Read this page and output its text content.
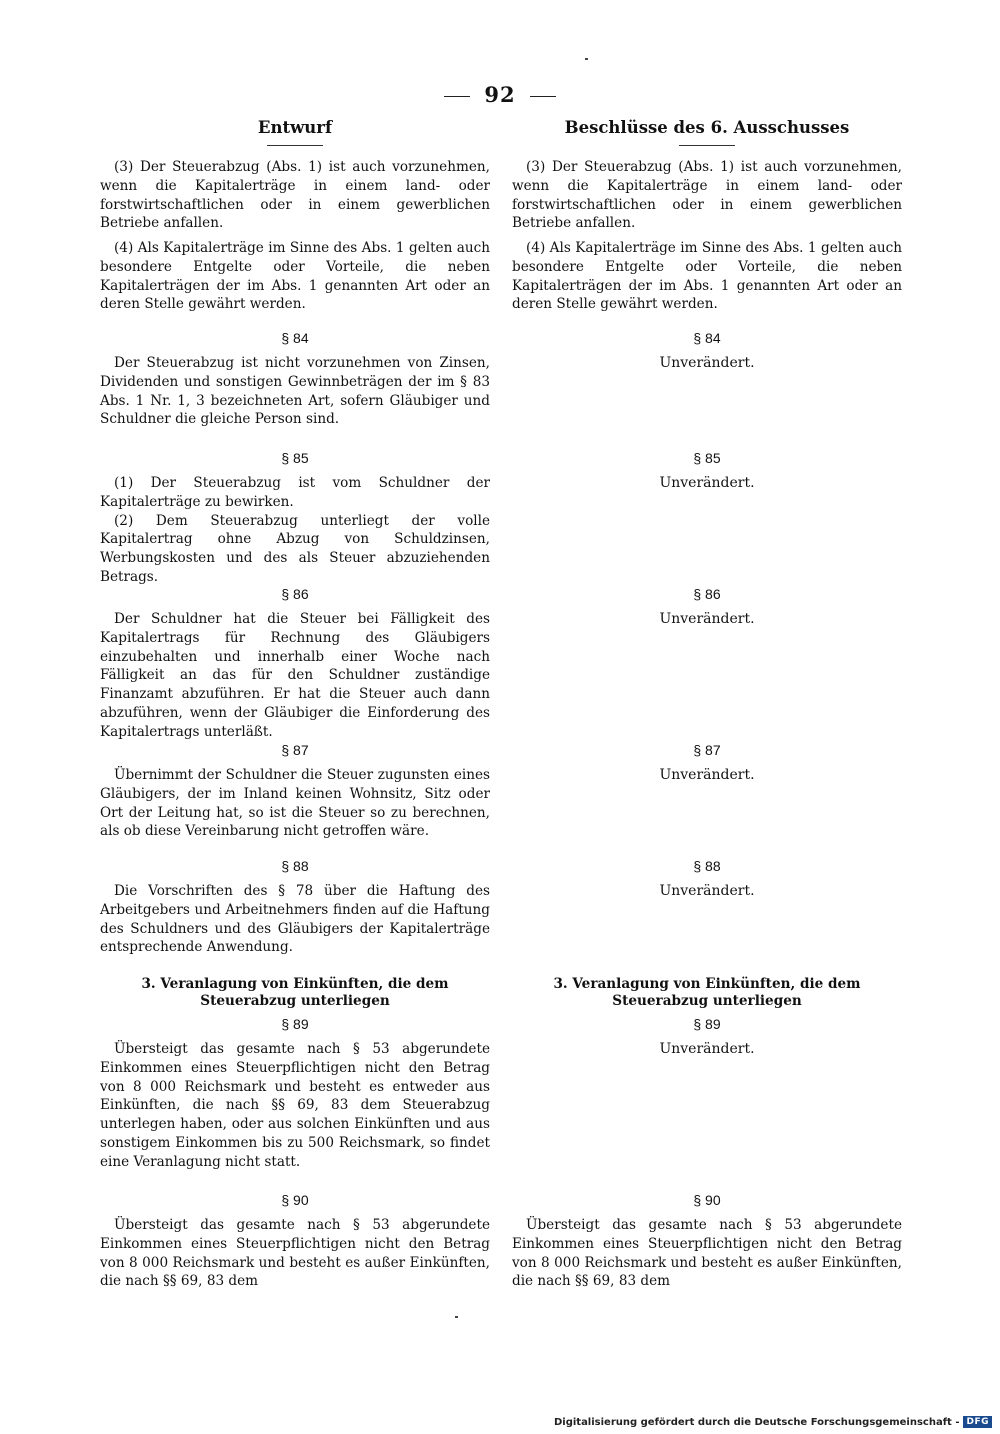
92
Entwurf

(3) Der Steuerabzug (Abs. 1) ist auch vorzunehmen, wenn die Kapitalerträge in einem land- oder forstwirtschaftlichen oder in einem gewerblichen Betriebe anfallen.

(4) Als Kapitalerträge im Sinne des Abs. 1 gelten auch besondere Entgelte oder Vorteile, die neben Kapitalerträgen der im Abs. 1 genannten Art oder an deren Stelle gewährt werden.

§ 84

Der Steuerabzug ist nicht vorzunehmen von Zinsen, Dividenden und sonstigen Gewinnbeträgen der im § 83 Abs. 1 Nr. 1, 3 bezeichneten Art, sofern Gläubiger und Schuldner die gleiche Person sind.

§ 85

(1) Der Steuerabzug ist vom Schuldner der Kapitalerträge zu bewirken.

(2) Dem Steuerabzug unterliegt der volle Kapitalertrag ohne Abzug von Schuldzinsen, Werbungskosten und des als Steuer abzuziehenden Betrags.

§ 86

Der Schuldner hat die Steuer bei Fälligkeit des Kapitalertrags für Rechnung des Gläubigers einzubehalten und innerhalb einer Woche nach Fälligkeit an das für den Schuldner zuständige Finanzamt abzuführen. Er hat die Steuer auch dann abzuführen, wenn der Gläubiger die Einforderung des Kapitalertrags unterläßt.

§ 87

Übernimmt der Schuldner die Steuer zugunsten eines Gläubigers, der im Inland keinen Wohnsitz, Sitz oder Ort der Leitung hat, so ist die Steuer so zu berechnen, als ob diese Vereinbarung nicht getroffen wäre.

§ 88

Die Vorschriften des § 78 über die Haftung des Arbeitgebers und Arbeitnehmers finden auf die Haftung des Schuldners und des Gläubigers der Kapitalerträge entsprechende Anwendung.

3. Veranlagung von Einkünften, die dem Steuerabzug unterliegen
§ 89

Übersteigt das gesamte nach § 53 abgerundete Einkommen eines Steuerpflichtigen nicht den Betrag von 8 000 Reichsmark und besteht es entweder aus Einkünften, die nach §§ 69, 83 dem Steuerabzug unterlegen haben, oder aus solchen Einkünften und aus sonstigem Einkommen bis zu 500 Reichsmark, so findet eine Veranlagung nicht statt.

§ 90

Übersteigt das gesamte nach § 53 abgerundete Einkommen eines Steuerpflichtigen nicht den Betrag von 8 000 Reichsmark und besteht es außer Einkünften, die nach §§ 69, 83 dem

Beschlüsse des 6. Ausschusses

(3) Der Steuerabzug (Abs. 1) ist auch vorzunehmen, wenn die Kapitalerträge in einem land- oder forstwirtschaftlichen oder in einem gewerblichen Betriebe anfallen.

(4) Als Kapitalerträge im Sinne des Abs. 1 gelten auch besondere Entgelte oder Vorteile, die neben Kapitalerträgen der im Abs. 1 genannten Art oder an deren Stelle gewährt werden.

§ 84
Unverändert.
§ 85
Unverändert.
§ 86
Unverändert.
§ 87
Unverändert.
§ 88
Unverändert.
3. Veranlagung von Einkünften, die dem Steuerabzug unterliegen
§ 89
Unverändert.
§ 90

Übersteigt das gesamte nach § 53 abgerundete Einkommen eines Steuerpflichtigen nicht den Betrag von 8 000 Reichsmark und besteht es außer Einkünften, die nach §§ 69, 83 dem

Digitalisierung gefördert durch die Deutsche Forschungsgemeinschaft - DFG
